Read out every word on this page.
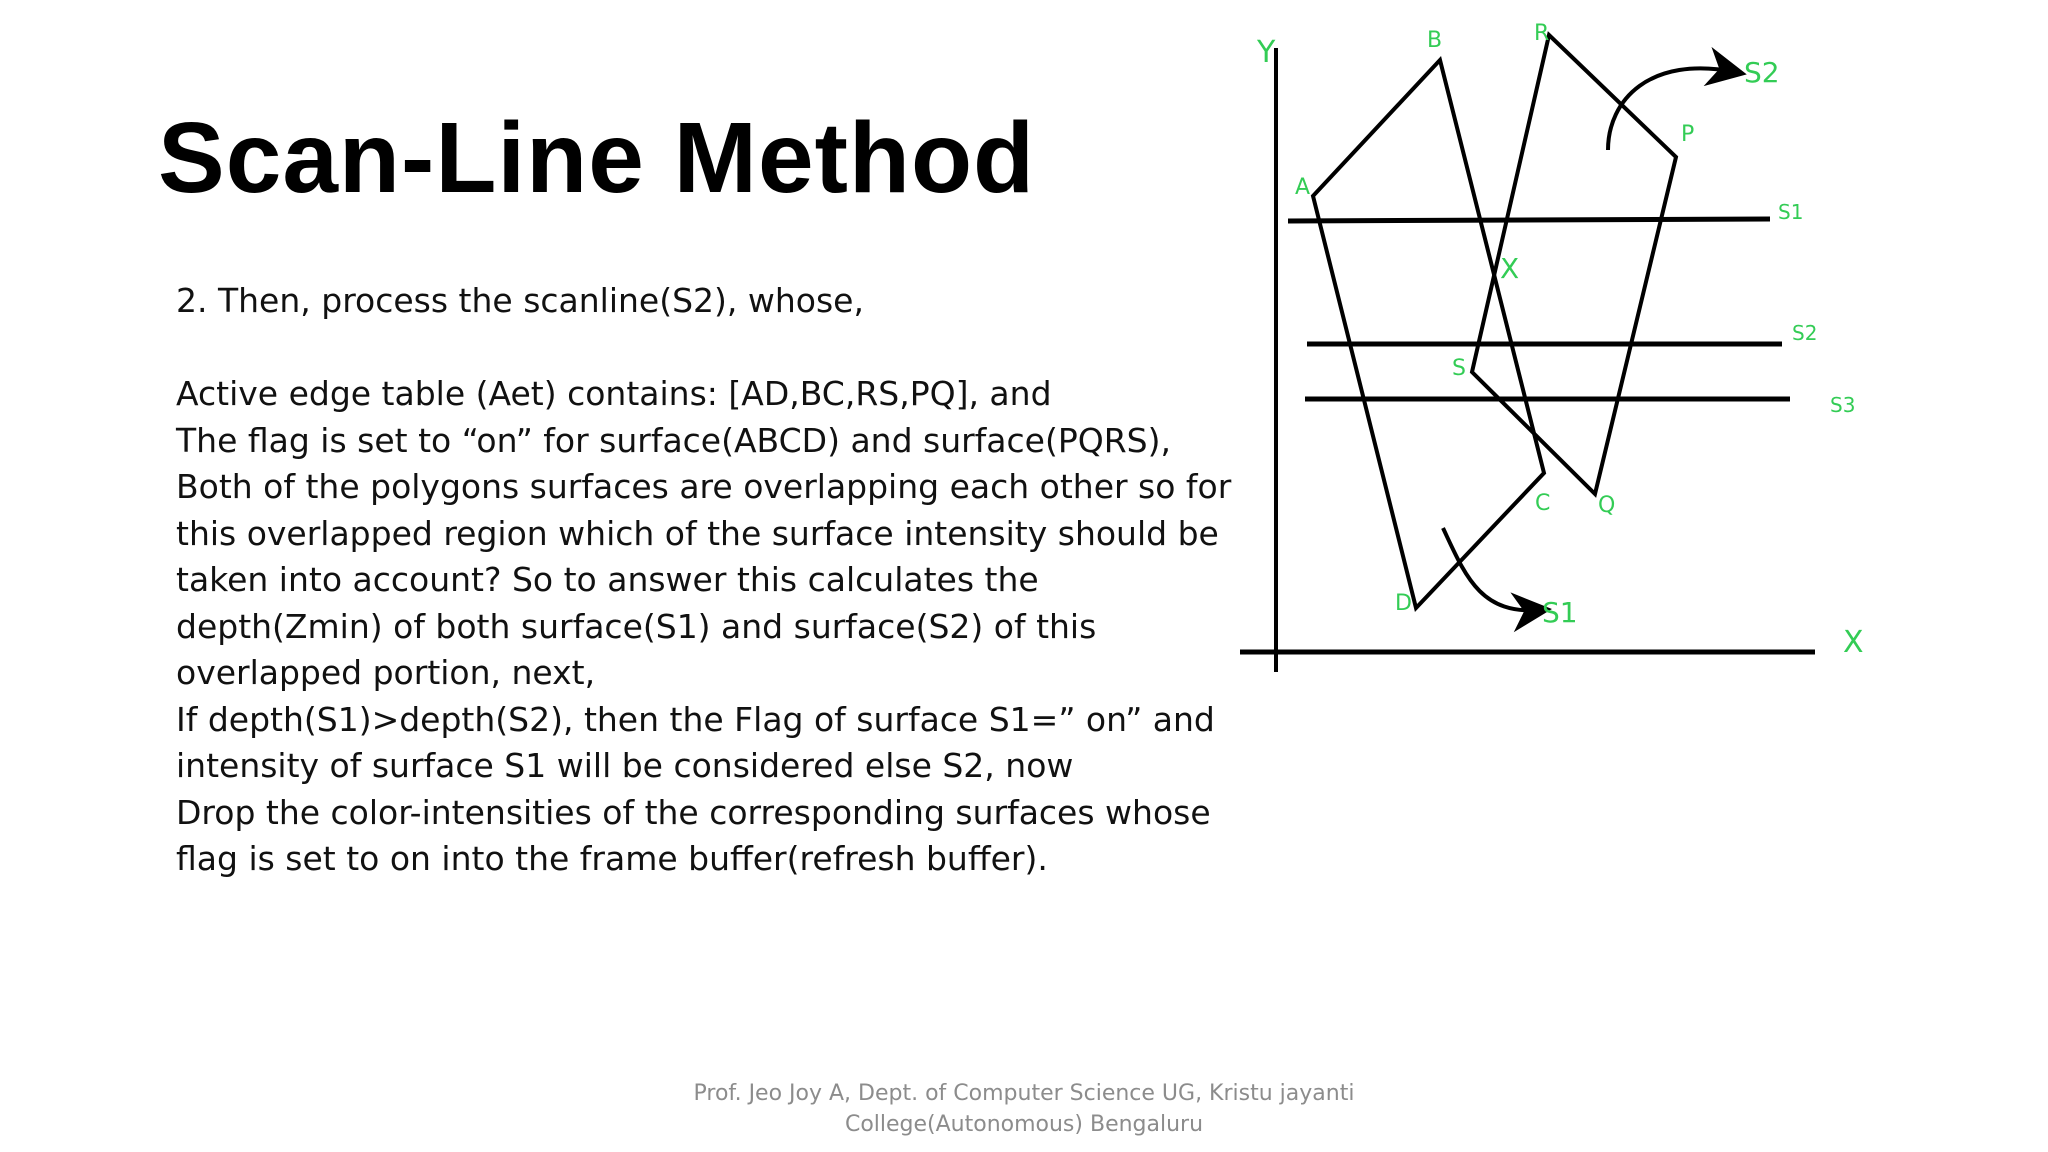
Scan-Line Method
2. Then, process the scanline(S2), whose,
Active edge table (Aet) contains: [AD,BC,RS,PQ], and
The flag is set to “on” for surface(ABCD) and surface(PQRS),
Both of the polygons surfaces are overlapping each other so for
this overlapped region which of the surface intensity should be
taken into account? So to answer this calculates the
depth(Zmin) of both surface(S1) and surface(S2) of this
overlapped portion, next,
If depth(S1)>depth(S2), then the Flag of surface S1=” on” and
intensity of surface S1 will be considered else S2, now
Drop the color-intensities of the corresponding surfaces whose
flag is set to on into the frame buffer(refresh buffer).
Y
X
A
B
C
D
P
Q
R
S
X
S1
S2
S3
S2
S1
Prof. Jeo Joy A, Dept. of Computer Science UG, Kristu jayanti
College(Autonomous) Bengaluru
